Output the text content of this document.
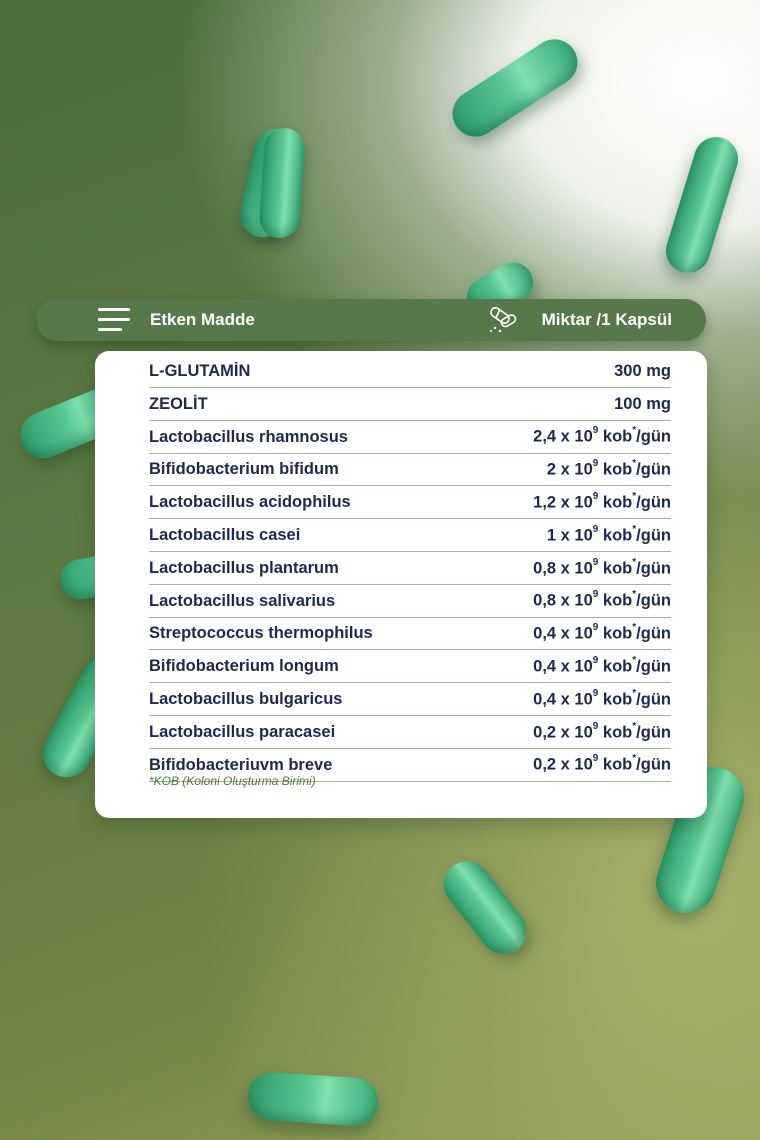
Etken Madde	Miktar /1 Kapsül
L-GLUTAMİN	300 mg
ZEOLİT	100 mg
Lactobacillus rhamnosus	2,4 x $10^9$ kob*/gün
Bifidobacterium bifidum	2 x $10^9$ kob*/gün
Lactobacillus acidophilus	1,2 x $10^9$ kob*/gün
Lactobacillus casei	1 x $10^9$ kob*/gün
Lactobacillus plantarum	0,8 x $10^9$ kob*/gün
Lactobacillus salivarius	0,8 x $10^9$ kob*/gün
Streptococcus thermophilus	0,4 x $10^9$ kob*/gün
Bifidobacterium longum	0,4 x $10^9$ kob*/gün
Lactobacillus bulgaricus	0,4 x $10^9$ kob*/gün
Lactobacillus paracasei	0,2 x $10^9$ kob*/gün
Bifidobacteriuvm breve	0,2 x $10^9$ kob*/gün
*KOB (Koloni Oluşturma Birimi)
